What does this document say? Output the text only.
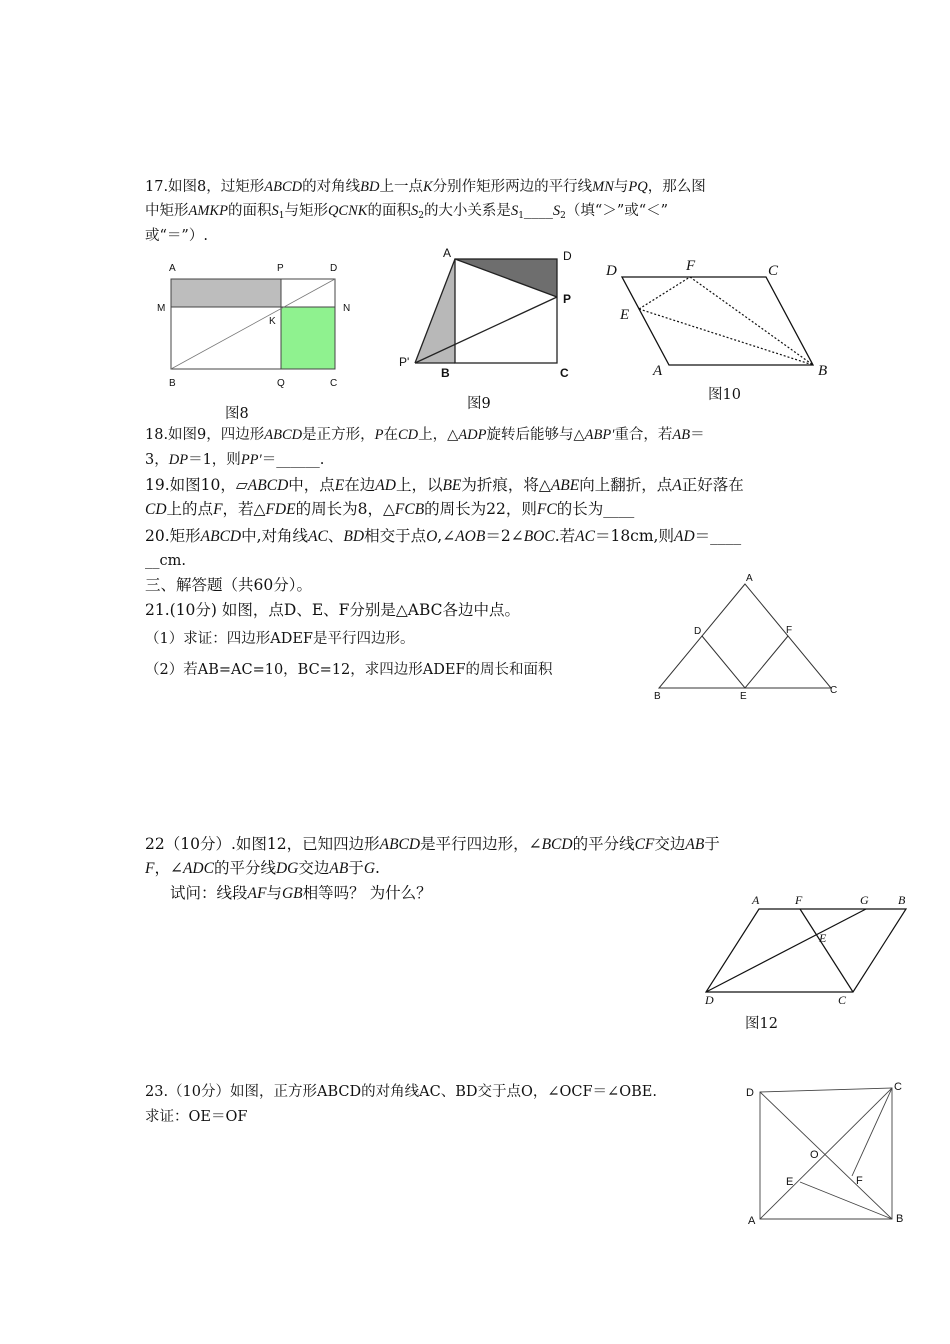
17.如图8，过矩形ABCD的对角线BD上一点K分别作矩形两边的平行线MN与PQ，那么图
中矩形AMKP的面积$S_1$与矩形QCNK的面积$S_2$的大小关系是$S_1\_\_\_\_S_2$（填“＞”或“＜”
或“＝”）.
A	P	D
M	N
K
B	Q	C
图8
A	D
P
P'
B	C
图9
D	F	C
E
A	B
图10
18.如图9，四边形ABCD是正方形，P在CD上，△ADP旋转后能够与△ABP′重合，若AB＝
3，DP＝1，则PP′＝______.
19.如图10，▱ABCD中，点E在边AD上，以BE为折痕，将△ABE向上翻折，点A正好落在
CD上的点F，若△FDE的周长为8，△FCB的周长为22，则FC的长为____
20.矩形ABCD中,对角线AC、BD相交于点O,∠AOB＝2∠BOC.若AC＝18cm,则AD＝____
__cm.
三、解答题（共60分）。
21.(10分) 如图，点D、E、F分别是△ABC各边中点。
（1）求证：四边形ADEF是平行四边形。
（2）若AB=AC=10，BC=12，求四边形ADEF的周长和面积
A
D	F
B	E
C
22（10分）.如图12，已知四边形ABCD是平行四边形，∠BCD的平分线CF交边AB于
F，∠ADC的平分线DG交边AB于G.
试问：线段AF与GB相等吗？ 为什么？	A	F	G B
E
D	C
图12
23.（10分）如图，正方形ABCD的对角线AC、BD交于点O，∠OCF＝∠OBE.
求证：OE＝OF
D	C
O
E	F
A	B
